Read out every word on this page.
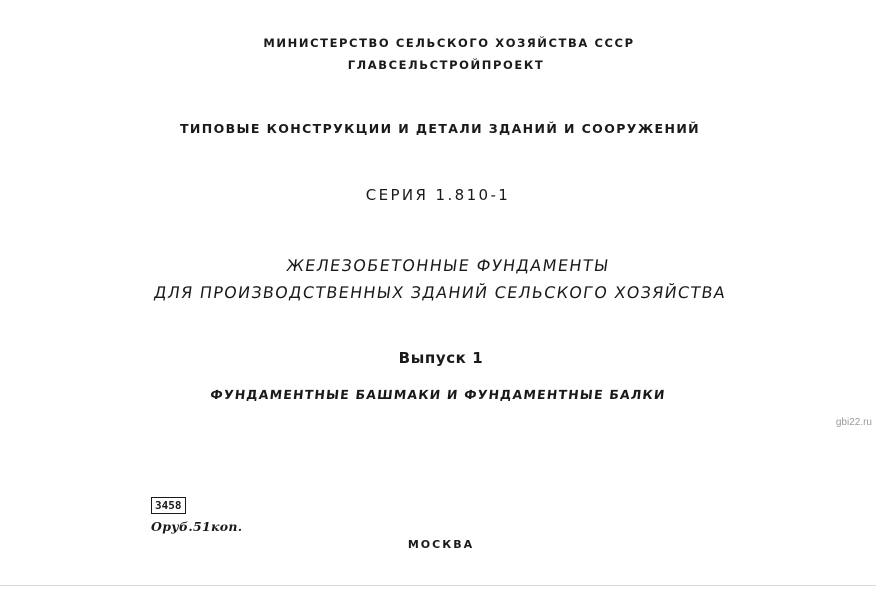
МИНИСТЕРСТВО СЕЛЬСКОГО ХОЗЯЙСТВА СССР
ГЛАВСЕЛЬСТРОЙПРОЕКТ
ТИПОВЫЕ КОНСТРУКЦИИ И ДЕТАЛИ ЗДАНИЙ И СООРУЖЕНИЙ
СЕРИЯ 1.810-1
ЖЕЛЕЗОБЕТОННЫЕ ФУНДАМЕНТЫ
ДЛЯ ПРОИЗВОДСТВЕННЫХ ЗДАНИЙ СЕЛЬСКОГО ХОЗЯЙСТВА
Выпуск 1
ФУНДАМЕНТНЫЕ БАШМАКИ И ФУНДАМЕНТНЫЕ БАЛКИ
3458
Оруб.51коп.
МОСКВА
gbi22.ru
